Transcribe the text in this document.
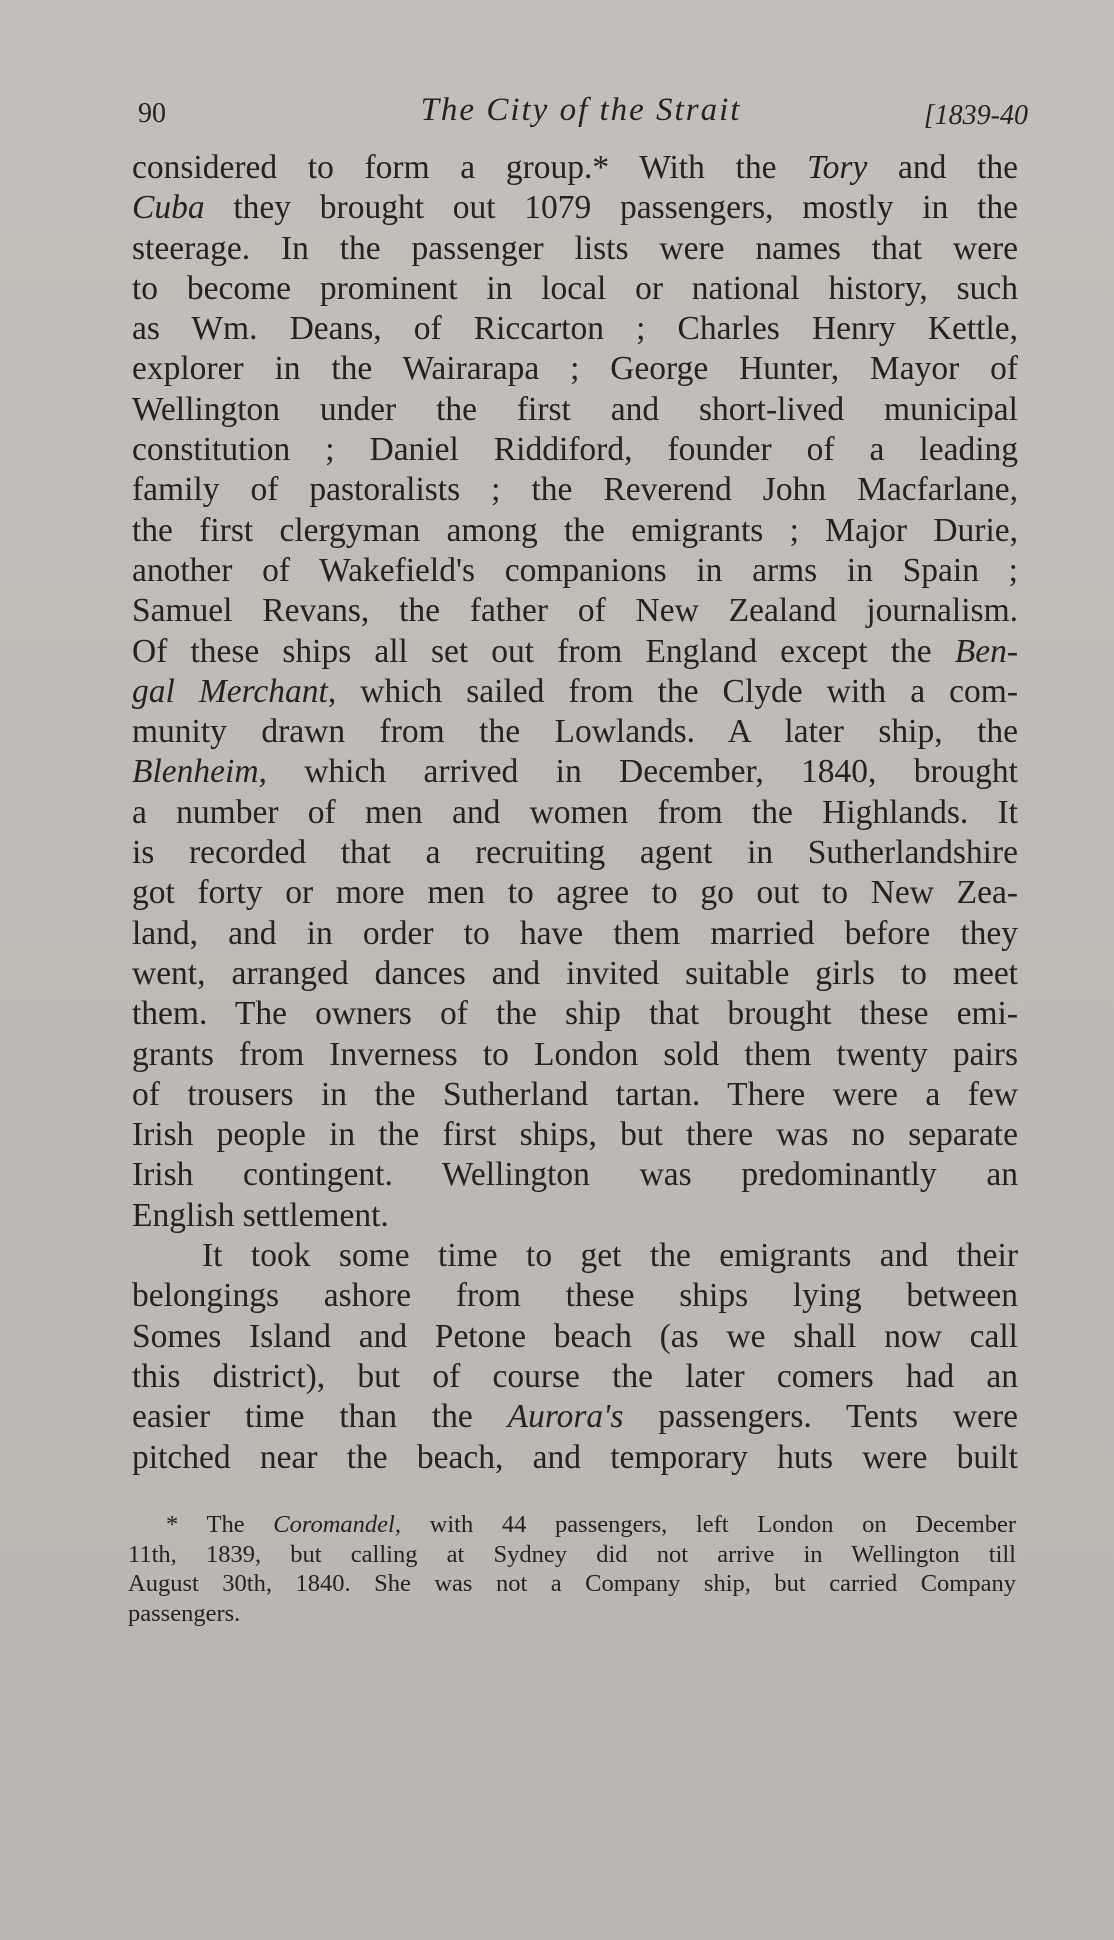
90	The City of the Strait	[1839-40
considered to form a group.* With the Tory and the
Cuba they brought out 1079 passengers, mostly in the
steerage. In the passenger lists were names that were
to become prominent in local or national history, such
as Wm. Deans, of Riccarton ; Charles Henry Kettle,
explorer in the Wairarapa ; George Hunter, Mayor of
Wellington under the first and short-lived municipal
constitution ; Daniel Riddiford, founder of a leading
family of pastoralists ; the Reverend John Macfarlane,
the first clergyman among the emigrants ; Major Durie,
another of Wakefield's companions in arms in Spain ;
Samuel Revans, the father of New Zealand journalism.
Of these ships all set out from England except the Ben-
gal Merchant, which sailed from the Clyde with a com-
munity drawn from the Lowlands. A later ship, the
Blenheim, which arrived in December, 1840, brought
a number of men and women from the Highlands. It
is recorded that a recruiting agent in Sutherlandshire
got forty or more men to agree to go out to New Zea-
land, and in order to have them married before they
went, arranged dances and invited suitable girls to meet
them. The owners of the ship that brought these emi-
grants from Inverness to London sold them twenty pairs
of trousers in the Sutherland tartan. There were a few
Irish people in the first ships, but there was no separate
Irish contingent. Wellington was predominantly an
English settlement.
It took some time to get the emigrants and their
belongings ashore from these ships lying between
Somes Island and Petone beach (as we shall now call
this district), but of course the later comers had an
easier time than the Aurora's passengers. Tents were
pitched near the beach, and temporary huts were built
* The Coromandel, with 44 passengers, left London on December
11th, 1839, but calling at Sydney did not arrive in Wellington till
August 30th, 1840. She was not a Company ship, but carried Company
passengers.
